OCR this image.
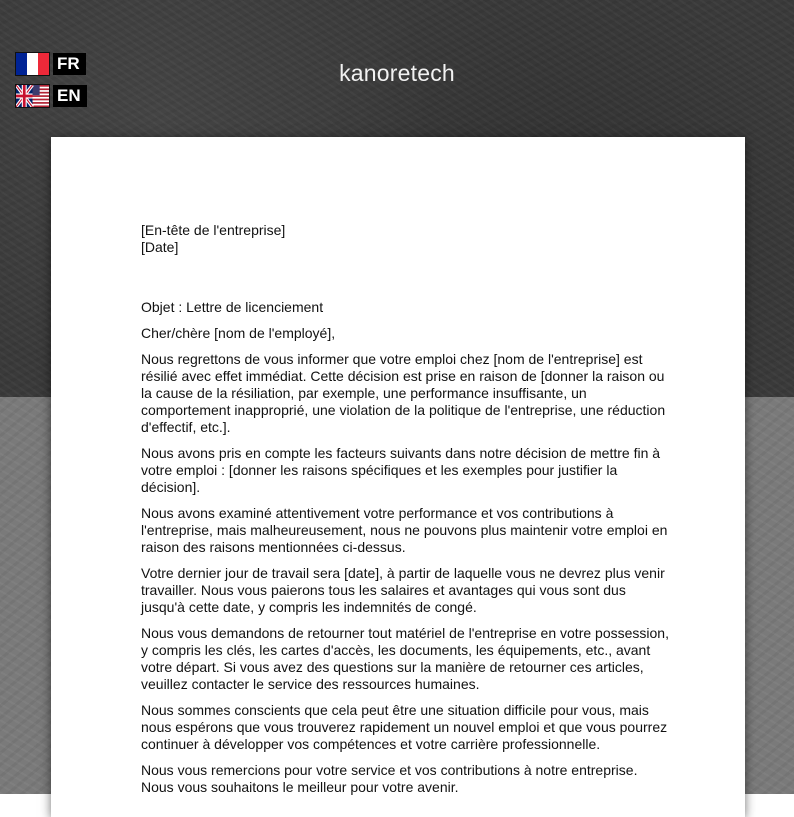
FR
EN
kanoretech
[En-tête de l'entreprise]
[Date]

Objet : Lettre de licenciement

Cher/chère [nom de l'employé],

Nous regrettons de vous informer que votre emploi chez [nom de l'entreprise] est résilié avec effet immédiat. Cette décision est prise en raison de [donner la raison ou la cause de la résiliation, par exemple, une performance insuffisante, un comportement inapproprié, une violation de la politique de l'entreprise, une réduction d'effectif, etc.].

Nous avons pris en compte les facteurs suivants dans notre décision de mettre fin à votre emploi : [donner les raisons spécifiques et les exemples pour justifier la décision].

Nous avons examiné attentivement votre performance et vos contributions à l'entreprise, mais malheureusement, nous ne pouvons plus maintenir votre emploi en raison des raisons mentionnées ci-dessus.

Votre dernier jour de travail sera [date], à partir de laquelle vous ne devrez plus venir travailler. Nous vous paierons tous les salaires et avantages qui vous sont dus jusqu'à cette date, y compris les indemnités de congé.

Nous vous demandons de retourner tout matériel de l'entreprise en votre possession, y compris les clés, les cartes d'accès, les documents, les équipements, etc., avant votre départ. Si vous avez des questions sur la manière de retourner ces articles, veuillez contacter le service des ressources humaines.

Nous sommes conscients que cela peut être une situation difficile pour vous, mais nous espérons que vous trouverez rapidement un nouvel emploi et que vous pourrez continuer à développer vos compétences et votre carrière professionnelle.

Nous vous remercions pour votre service et vos contributions à notre entreprise. Nous vous souhaitons le meilleur pour votre avenir.
